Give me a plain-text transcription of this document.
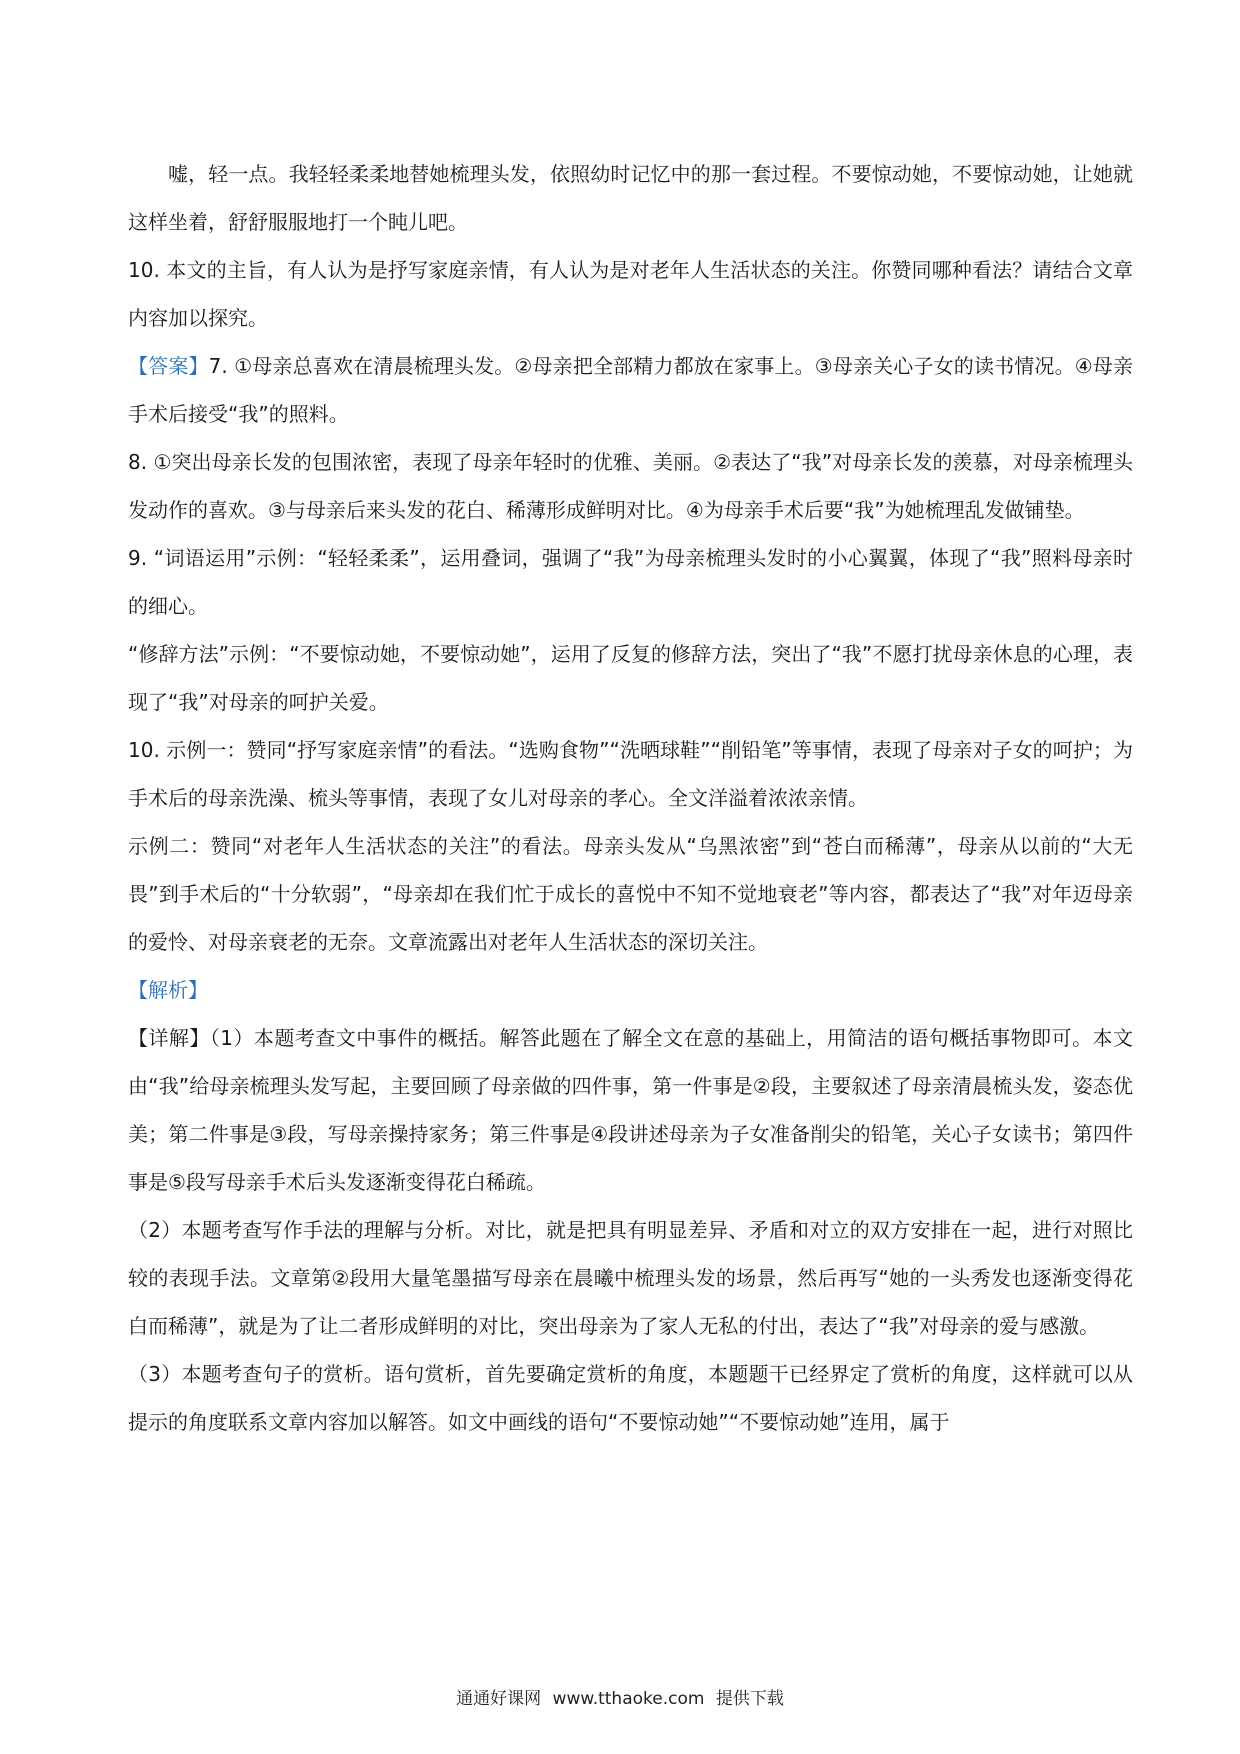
嘘，轻一点。我轻轻柔柔地替她梳理头发，依照幼时记忆中的那一套过程。不要惊动她，不要惊动她，让她就这样坐着，舒舒服服地打一个盹儿吧。

10. 本文的主旨，有人认为是抒写家庭亲情，有人认为是对老年人生活状态的关注。你赞同哪种看法？请结合文章内容加以探究。

【答案】7. ①母亲总喜欢在清晨梳理头发。②母亲把全部精力都放在家事上。③母亲关心子女的读书情况。④母亲手术后接受“我”的照料。

8. ①突出母亲长发的包围浓密，表现了母亲年轻时的优雅、美丽。②表达了“我”对母亲长发的羡慕，对母亲梳理头发动作的喜欢。③与母亲后来头发的花白、稀薄形成鲜明对比。④为母亲手术后要“我”为她梳理乱发做铺垫。

9. “词语运用”示例：“轻轻柔柔”，运用叠词，强调了“我”为母亲梳理头发时的小心翼翼，体现了“我”照料母亲时的细心。

“修辞方法”示例：“不要惊动她，不要惊动她”，运用了反复的修辞方法，突出了“我”不愿打扰母亲休息的心理，表现了“我”对母亲的呵护关爱。

10. 示例一：赞同“抒写家庭亲情”的看法。“选购食物”“洗晒球鞋”“削铅笔”等事情，表现了母亲对子女的呵护；为手术后的母亲洗澡、梳头等事情，表现了女儿对母亲的孝心。全文洋溢着浓浓亲情。

示例二：赞同“对老年人生活状态的关注”的看法。母亲头发从“乌黑浓密”到“苍白而稀薄”，母亲从以前的“大无畏”到手术后的“十分软弱”，“母亲却在我们忙于成长的喜悦中不知不觉地衰老”等内容，都表达了“我”对年迈母亲的爱怜、对母亲衰老的无奈。文章流露出对老年人生活状态的深切关注。

【解析】

【详解】（1）本题考查文中事件的概括。解答此题在了解全文在意的基础上，用简洁的语句概括事物即可。本文由“我”给母亲梳理头发写起，主要回顾了母亲做的四件事，第一件事是②段，主要叙述了母亲清晨梳头发，姿态优美；第二件事是③段，写母亲操持家务；第三件事是④段讲述母亲为子女准备削尖的铅笔，关心子女读书；第四件事是⑤段写母亲手术后头发逐渐变得花白稀疏。

（2）本题考查写作手法的理解与分析。对比，就是把具有明显差异、矛盾和对立的双方安排在一起，进行对照比较的表现手法。文章第②段用大量笔墨描写母亲在晨曦中梳理头发的场景，然后再写“她的一头秀发也逐渐变得花白而稀薄”，就是为了让二者形成鲜明的对比，突出母亲为了家人无私的付出，表达了“我”对母亲的爱与感激。

（3）本题考查句子的赏析。语句赏析，首先要确定赏析的角度，本题题干已经界定了赏析的角度，这样就可以从提示的角度联系文章内容加以解答。如文中画线的语句“不要惊动她”“不要惊动她”连用，属于

通通好课网 www.tthaoke.com 提供下载
